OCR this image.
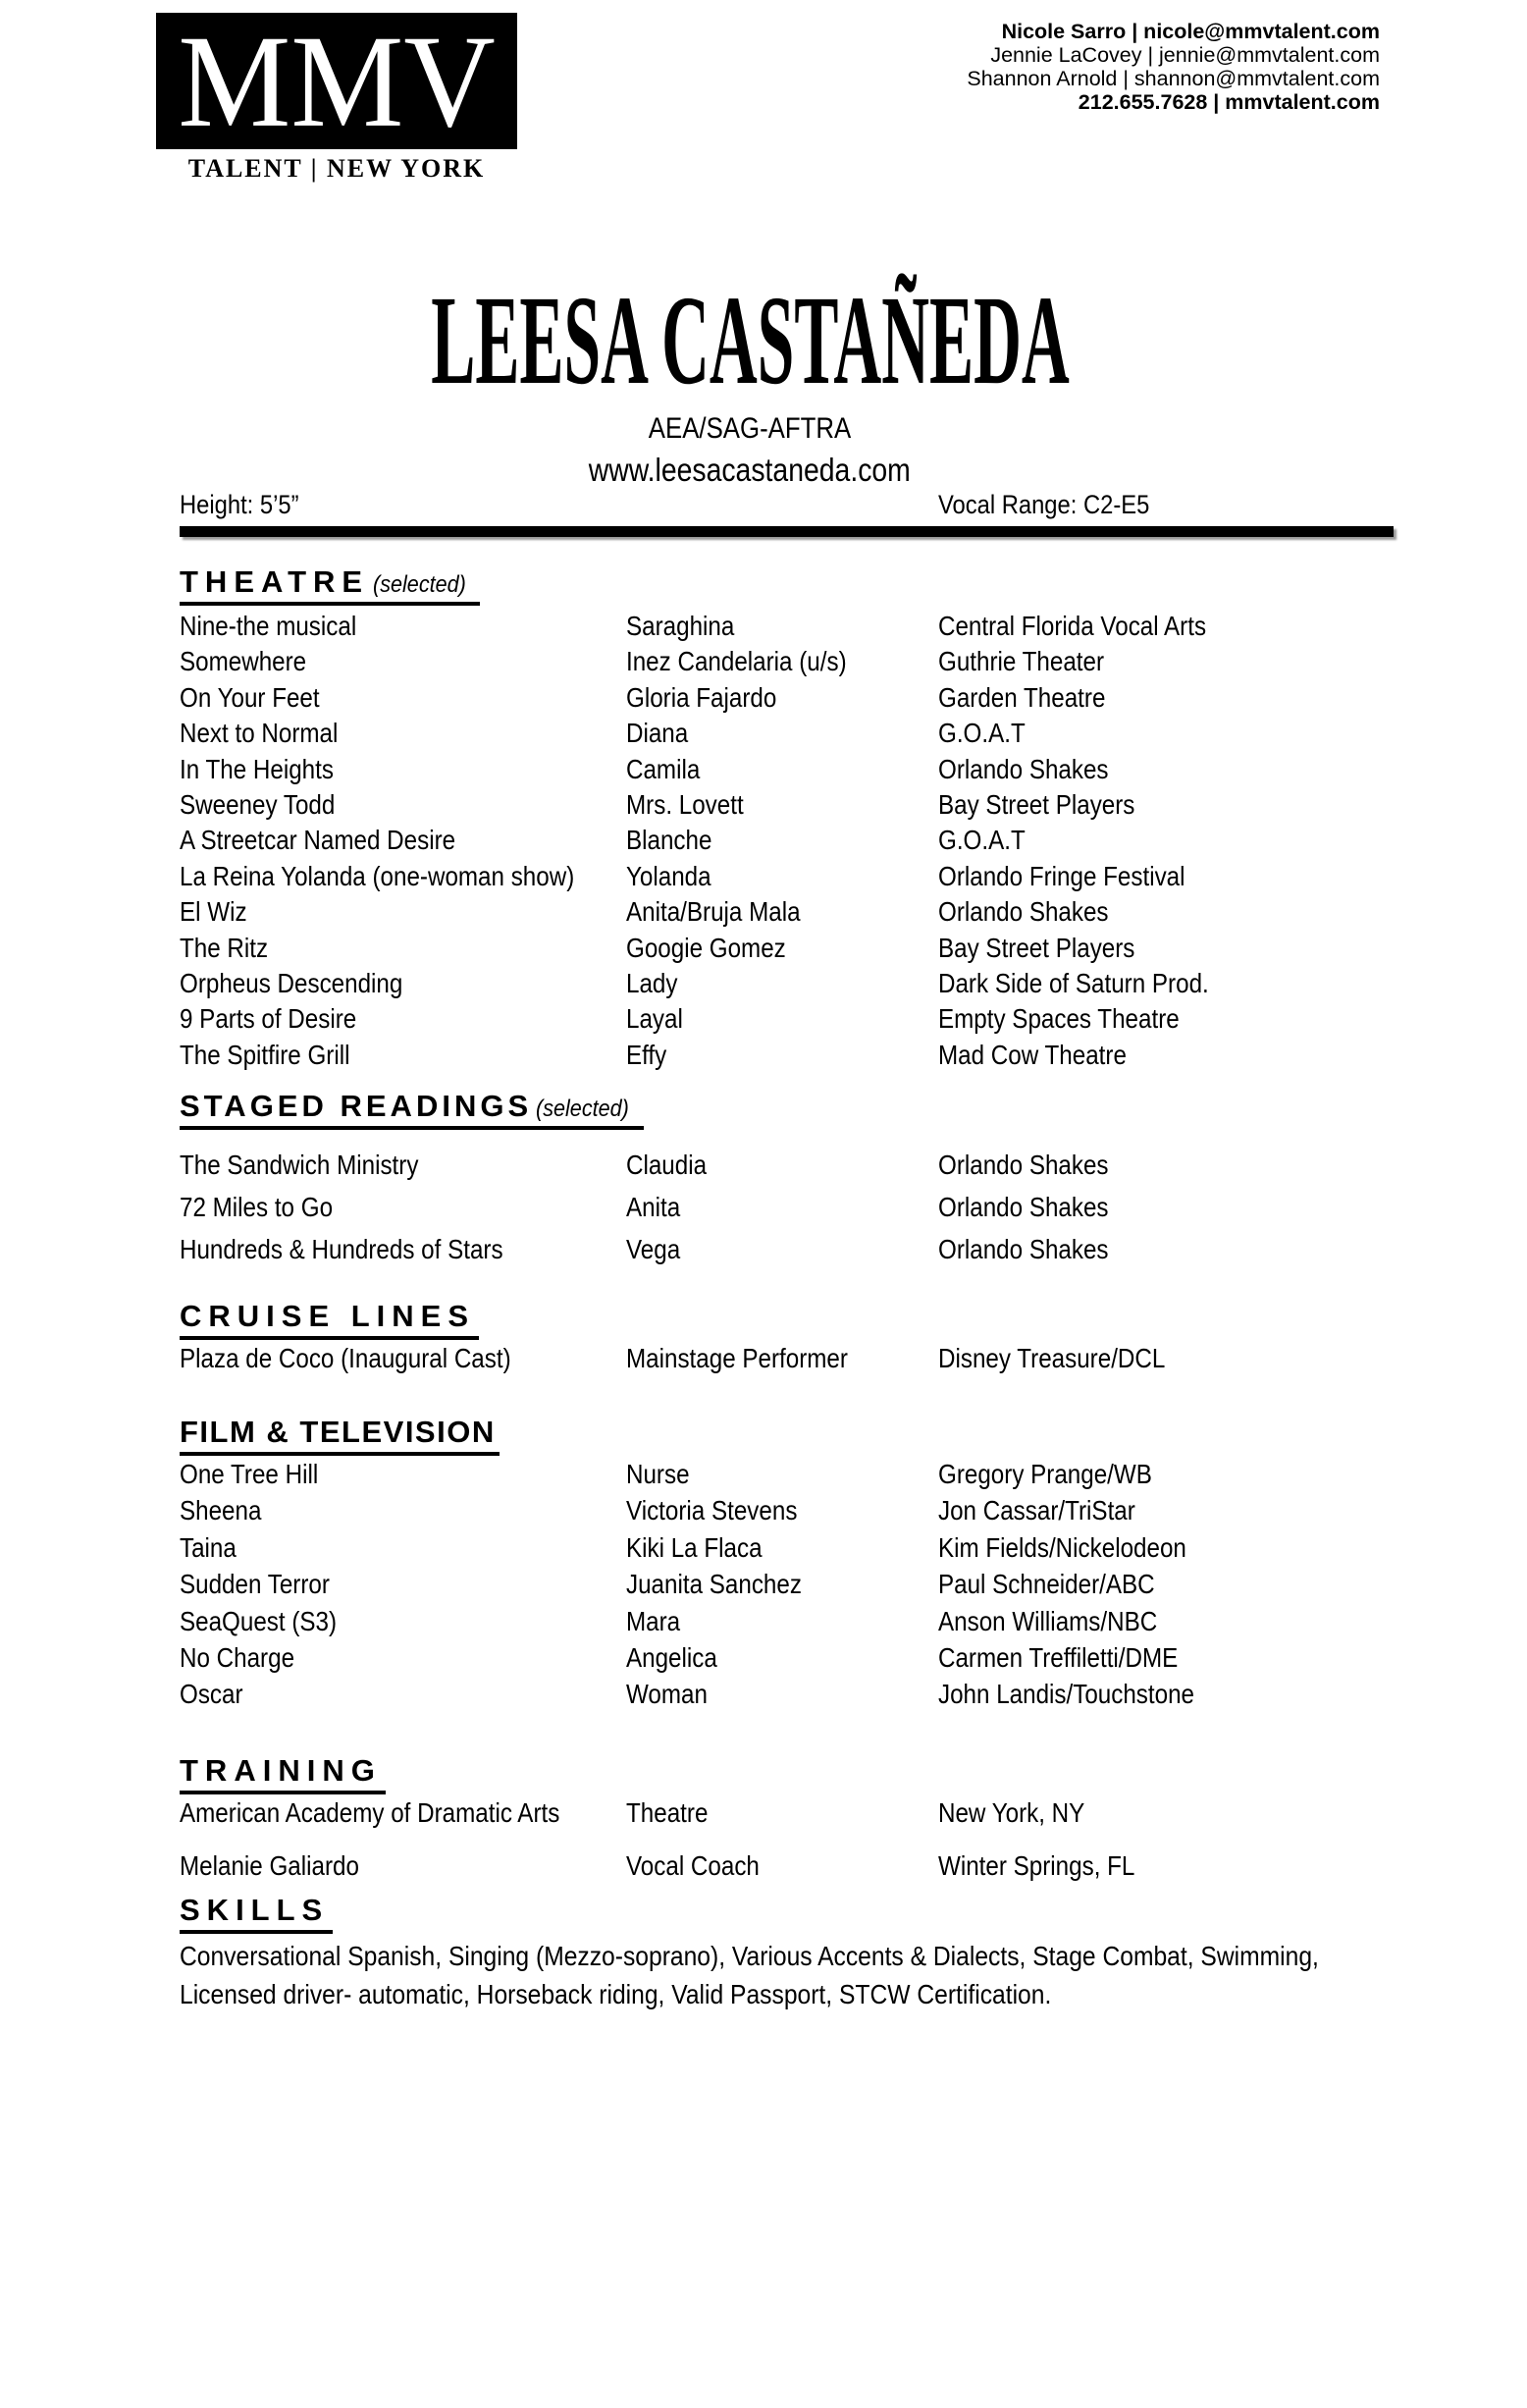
MMV
TALENT | NEW YORK
Nicole Sarro | nicole@mmvtalent.com
Jennie LaCovey | jennie@mmvtalent.com
Shannon Arnold | shannon@mmvtalent.com
212.655.7628 | mmvtalent.com
LEESA CASTAÑEDA
AEA/SAG-AFTRA
www.leesacastaneda.com
Height: 5’5”	Vocal Range: C2-E5
THEATRE (selected)
Nine-the musical	Saraghina	Central Florida Vocal Arts
Somewhere	Inez Candelaria (u/s)	Guthrie Theater
On Your Feet	Gloria Fajardo	Garden Theatre
Next to Normal	Diana	G.O.A.T
In The Heights	Camila	Orlando Shakes
Sweeney Todd	Mrs. Lovett	Bay Street Players
A Streetcar Named Desire	Blanche	G.O.A.T
La Reina Yolanda (one-woman show)	Yolanda	Orlando Fringe Festival
El Wiz	Anita/Bruja Mala	Orlando Shakes
The Ritz	Googie Gomez	Bay Street Players
Orpheus Descending	Lady	Dark Side of Saturn Prod.
9 Parts of Desire	Layal	Empty Spaces Theatre
The Spitfire Grill	Effy	Mad Cow Theatre
STAGED READINGS (selected)
The Sandwich Ministry	Claudia	Orlando Shakes
72 Miles to Go	Anita	Orlando Shakes
Hundreds & Hundreds of Stars	Vega	Orlando Shakes
CRUISE LINES
Plaza de Coco (Inaugural Cast)	Mainstage Performer	Disney Treasure/DCL
FILM & TELEVISION
One Tree Hill	Nurse	Gregory Prange/WB
Sheena	Victoria Stevens	Jon Cassar/TriStar
Taina	Kiki La Flaca	Kim Fields/Nickelodeon
Sudden Terror	Juanita Sanchez	Paul Schneider/ABC
SeaQuest (S3)	Mara	Anson Williams/NBC
No Charge	Angelica	Carmen Treffiletti/DME
Oscar	Woman	John Landis/Touchstone
TRAINING
American Academy of Dramatic Arts	Theatre	New York, NY
Melanie Galiardo	Vocal Coach	Winter Springs, FL
SKILLS
Conversational Spanish, Singing (Mezzo-soprano), Various Accents & Dialects, Stage Combat, Swimming, Licensed driver- automatic, Horseback riding, Valid Passport, STCW Certification.
